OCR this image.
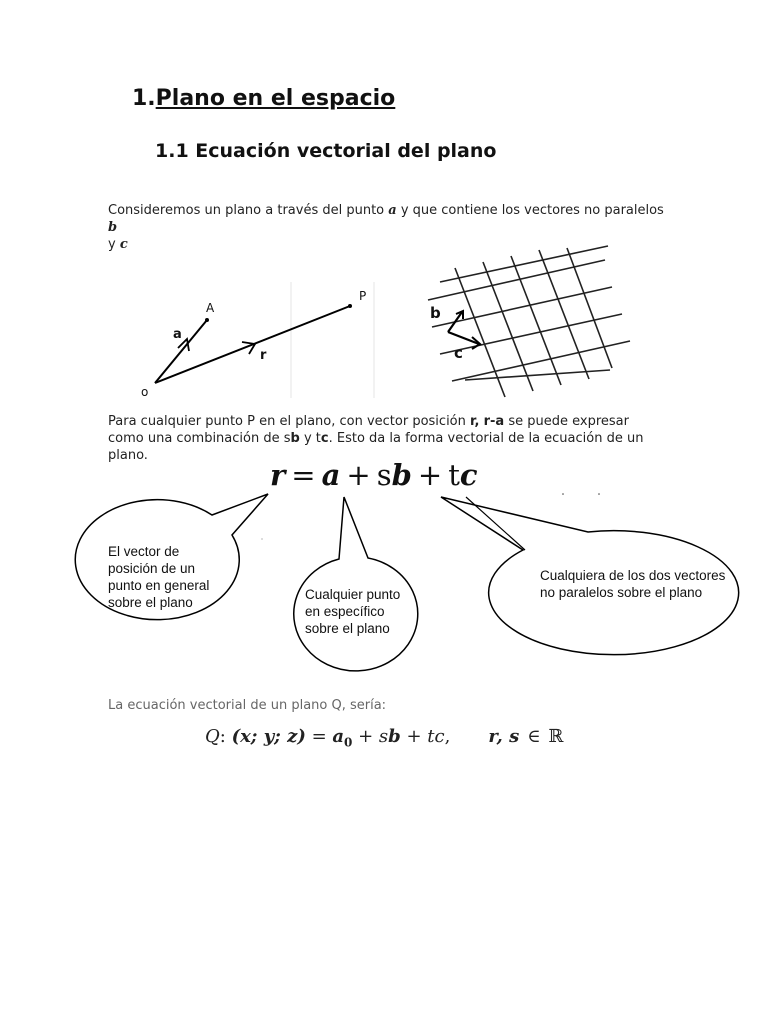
1.Plano en el espacio
1.1 Ecuación vectorial del plano
Consideremos un plano a través del punto a y que contiene los vectores no paralelos b
y c
A
P
o
a
r
b
c
Para cualquier punto P en el plano, con vector posición r, r-a se puede expresar como una combinación de sb y tc. Esto da la forma vectorial de la ecuación de un plano.
r = a + sb + tc
El vector de
posición de un
punto en general
sobre el plano
Cualquier punto
en específico
sobre el plano
Cualquiera de los dos vectores
no paralelos sobre el plano
La ecuación vectorial de un plano Q, sería:
Q: (x; y; $z) = a_0$ + sb + tc, r, s ∈ ℝ
